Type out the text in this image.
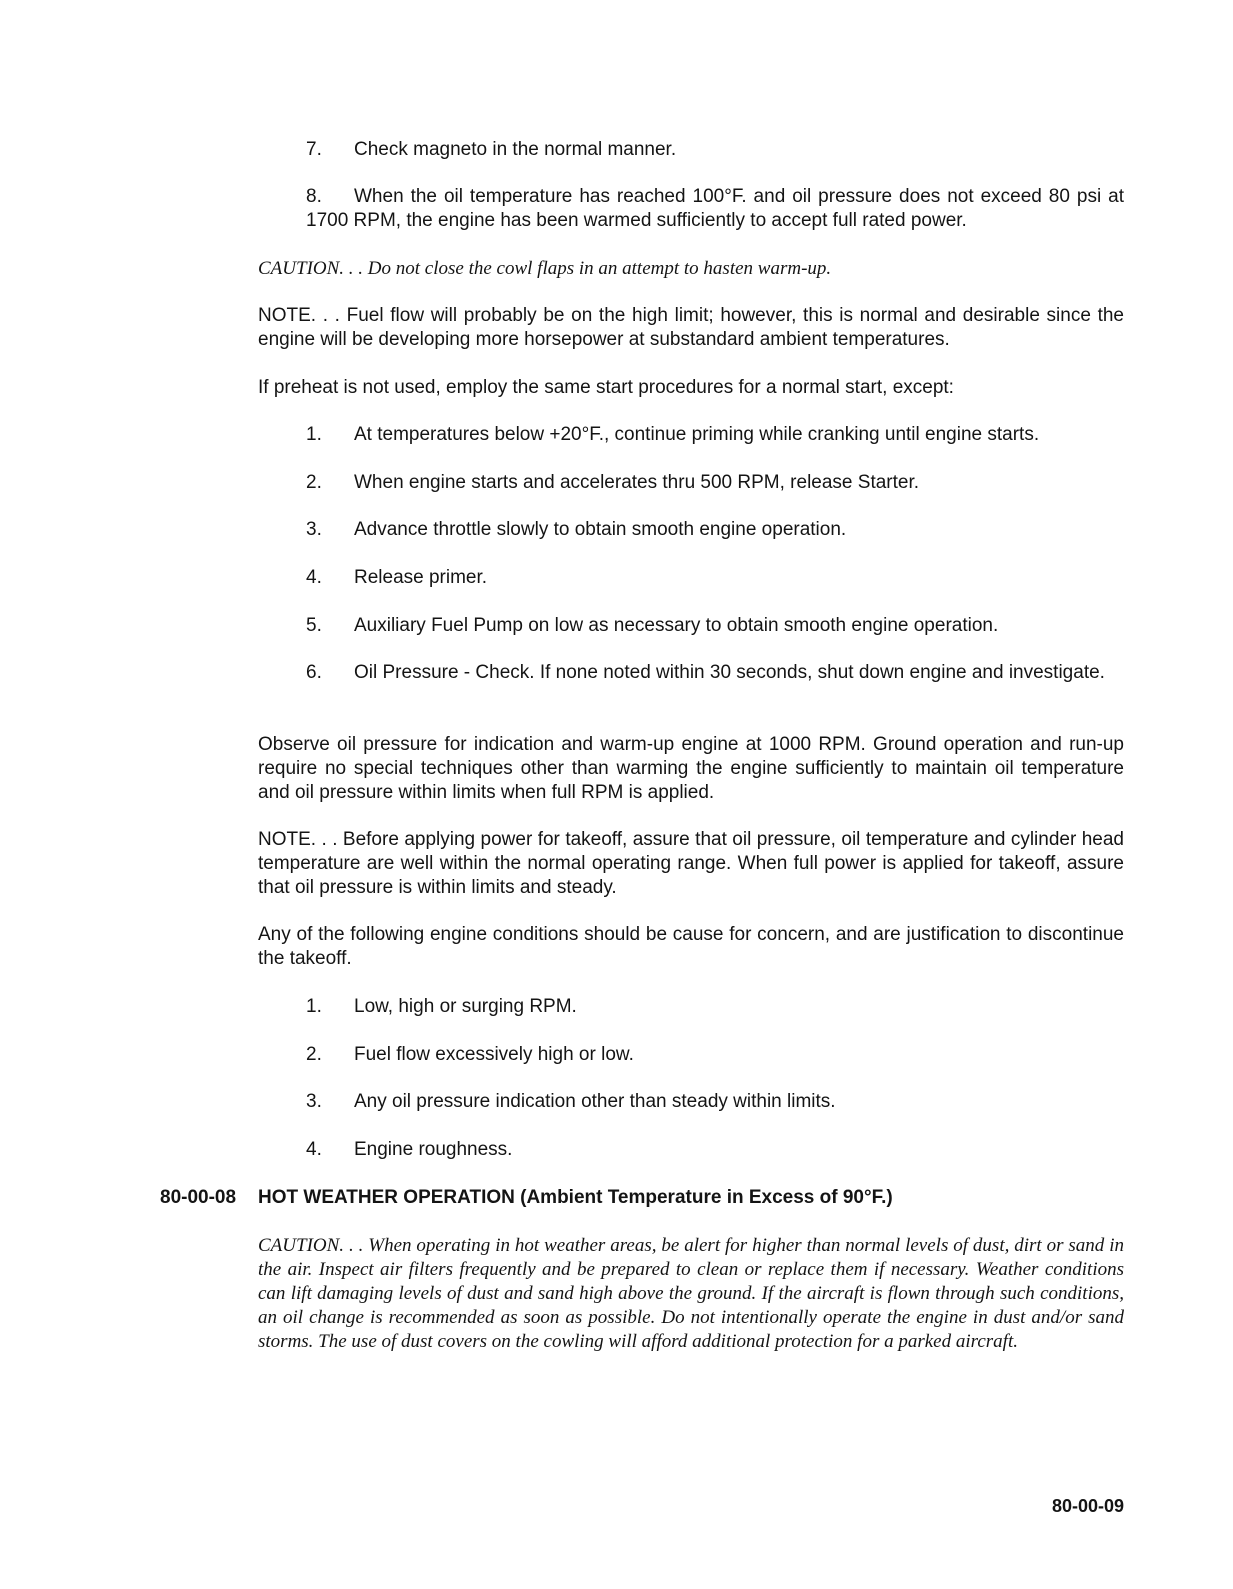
7. Check magneto in the normal manner.

8. When the oil temperature has reached 100°F. and oil pressure does not exceed 80 psi at 1700 RPM, the engine has been warmed sufficiently to accept full rated power.

CAUTION. . . Do not close the cowl flaps in an attempt to hasten warm-up.

NOTE. . . Fuel flow will probably be on the high limit; however, this is normal and desirable since the engine will be developing more horsepower at substandard ambient temperatures.

If preheat is not used, employ the same start procedures for a normal start, except:

1. At temperatures below +20°F., continue priming while cranking until engine starts.

2. When engine starts and accelerates thru 500 RPM, release Starter.

3. Advance throttle slowly to obtain smooth engine operation.

4. Release primer.

5. Auxiliary Fuel Pump on low as necessary to obtain smooth engine operation.

6. Oil Pressure - Check. If none noted within 30 seconds, shut down engine and investigate.

Observe oil pressure for indication and warm-up engine at 1000 RPM. Ground operation and run-up require no special techniques other than warming the engine sufficiently to maintain oil temperature and oil pressure within limits when full RPM is applied.

NOTE. . . Before applying power for takeoff, assure that oil pressure, oil temperature and cylinder head temperature are well within the normal operating range. When full power is applied for takeoff, assure that oil pressure is within limits and steady.

Any of the following engine conditions should be cause for concern, and are justification to discontinue the takeoff.

1. Low, high or surging RPM.

2. Fuel flow excessively high or low.

3. Any oil pressure indication other than steady within limits.

4. Engine roughness.

80-00-08 HOT WEATHER OPERATION (Ambient Temperature in Excess of 90°F.)

CAUTION. . . When operating in hot weather areas, be alert for higher than normal levels of dust, dirt or sand in the air. Inspect air filters frequently and be prepared to clean or replace them if necessary. Weather conditions can lift damaging levels of dust and sand high above the ground. If the aircraft is flown through such conditions, an oil change is recommended as soon as possible. Do not intentionally operate the engine in dust and/or sand storms. The use of dust covers on the cowling will afford additional protection for a parked aircraft.

80-00-09
